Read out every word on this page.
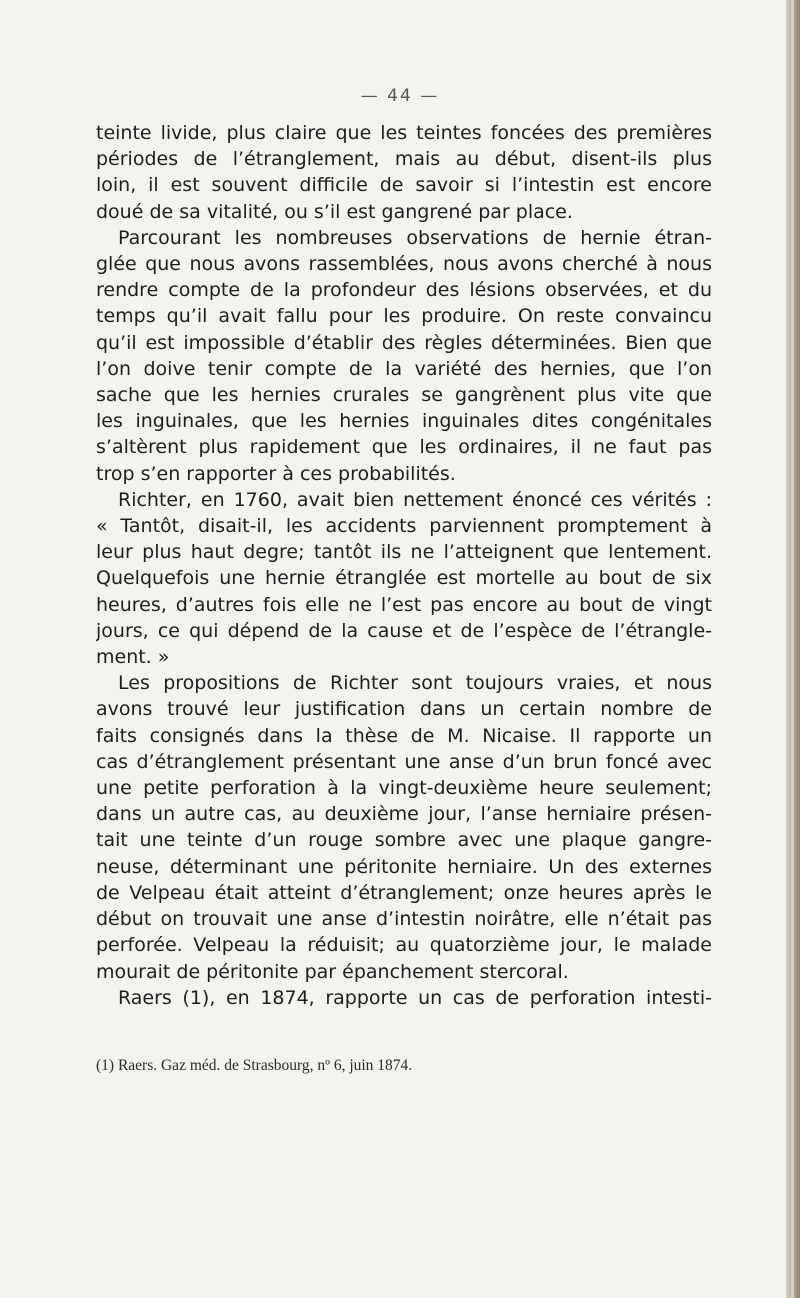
— 44 —
teinte livide, plus claire que les teintes foncées des premières
périodes de l’étranglement, mais au début, disent-ils plus
loin, il est souvent difficile de savoir si l’intestin est encore
doué de sa vitalité, ou s’il est gangrené par place.
Parcourant les nombreuses observations de hernie étran-
glée que nous avons rassemblées, nous avons cherché à nous
rendre compte de la profondeur des lésions observées, et du
temps qu’il avait fallu pour les produire. On reste convaincu
qu’il est impossible d’établir des règles déterminées. Bien que
l’on doive tenir compte de la variété des hernies, que l’on
sache que les hernies crurales se gangrènent plus vite que
les inguinales, que les hernies inguinales dites congénitales
s’altèrent plus rapidement que les ordinaires, il ne faut pas
trop s’en rapporter à ces probabilités.
Richter, en 1760, avait bien nettement énoncé ces vérités :
« Tantôt, disait-il, les accidents parviennent promptement à
leur plus haut degre; tantôt ils ne l’atteignent que lentement.
Quelquefois une hernie étranglée est mortelle au bout de six
heures, d’autres fois elle ne l’est pas encore au bout de vingt
jours, ce qui dépend de la cause et de l’espèce de l’étrangle-
ment. »
Les propositions de Richter sont toujours vraies, et nous
avons trouvé leur justification dans un certain nombre de
faits consignés dans la thèse de M. Nicaise. Il rapporte un
cas d’étranglement présentant une anse d’un brun foncé avec
une petite perforation à la vingt-deuxième heure seulement;
dans un autre cas, au deuxième jour, l’anse herniaire présen-
tait une teinte d’un rouge sombre avec une plaque gangre-
neuse, déterminant une péritonite herniaire. Un des externes
de Velpeau était atteint d’étranglement; onze heures après le
début on trouvait une anse d’intestin noirâtre, elle n’était pas
perforée. Velpeau la réduisit; au quatorzième jour, le malade
mourait de péritonite par épanchement stercoral.
Raers (1), en 1874, rapporte un cas de perforation intesti-
(1) Raers. Gaz méd. de Strasbourg, nº 6, juin 1874.
